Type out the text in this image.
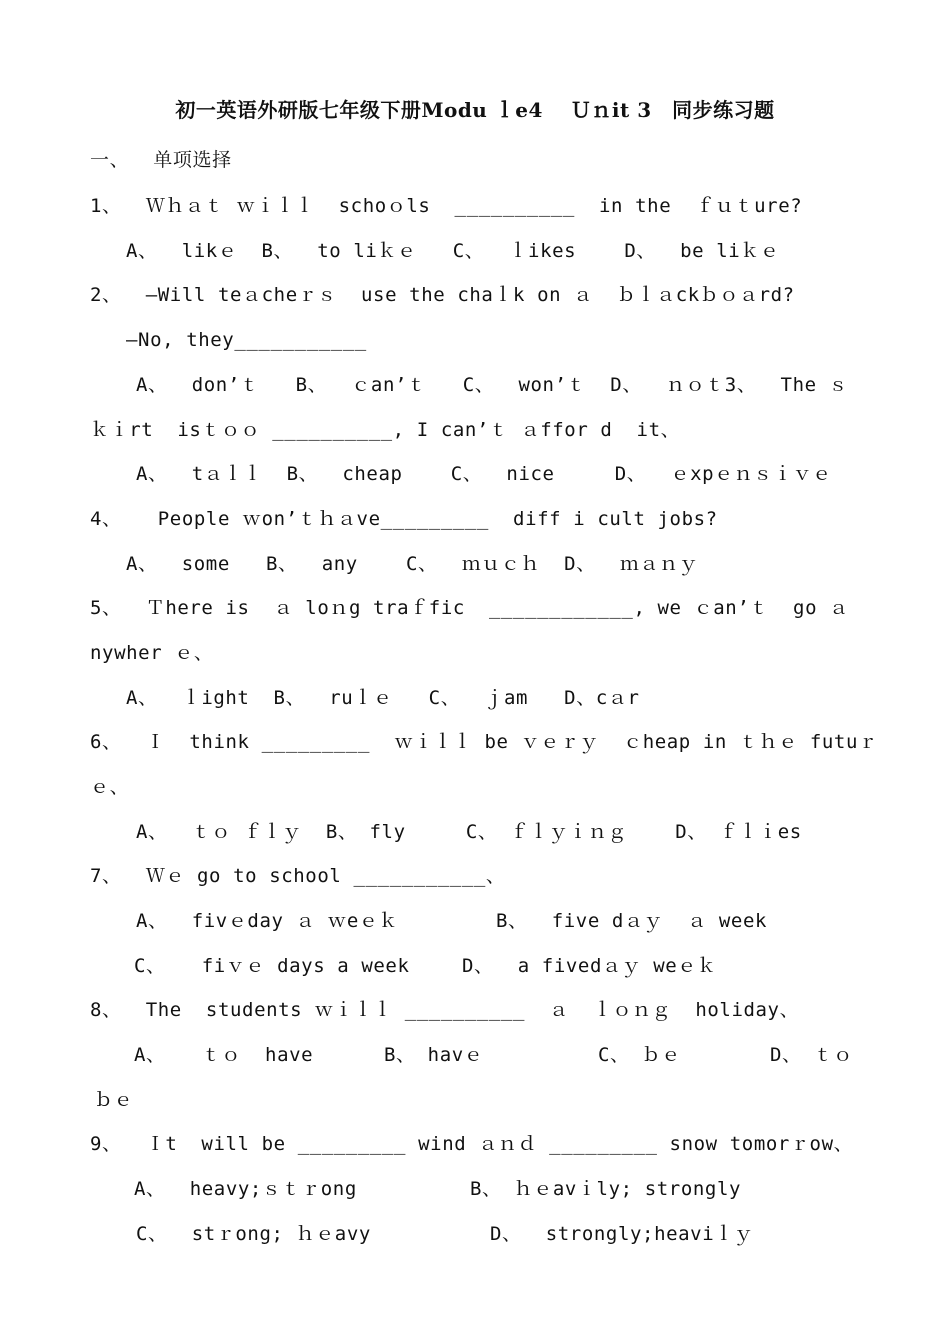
初一英语外研版七年级下册Modu ｌe4　 Ｕｎit 3　同步练习题
一、  单项选择
1、  Ｗｈａｔ ｗｉｌｌ  schoｏls  __________  in the  ｆｕｔure?
A、  likｅ  B、  to liｋｅ   C、  ｌikes    D、  be liｋｅ
2、  —Will teａcheｒｓ  use the chaｌk on ａ  ｂｌａckｂｏａrd?
—No, they___________
A、  don’ｔ   B、  ｃan’ｔ   C、  won’ｔ  D、  ｎｏｔ3、  The ｓ
ｋｉrt  isｔｏｏ __________, I can’ｔ ａffor d  it、
A、  tａｌｌ  B、  cheap    C、  nice     D、  ｅxpｅｎｓｉｖｅ
4、   People ｗon’ｔｈａve_________  diff i cult jobs?
A、  some   B、  any    C、  ｍｕｃｈ  D、  ｍａｎｙ
5、  Ｔhere is  ａ loｎg traｆfic  ____________, we ｃan’ｔ  go ａ
nywher ｅ、
A、  ｌight  B、  ruｌｅ   C、  ｊam   D、cａr
6、  Ｉ  think _________  ｗｉｌｌ be ｖｅｒｙ  ｃheap in ｔｈｅ futuｒ
ｅ、
A、  ｔｏ ｆｌｙ  B、 fly     C、 ｆｌｙｉｎｇ    D、 ｆｌｉes
7、  Ｗｅ go to school ___________、
A、  fivｅday ａ ｗeｅｋ	B、  five dａｙ  ａ week
C、   fiｖｅ days a week	D、  a fivedａｙ weｅｋ
8、  The  students ｗｉｌｌ __________  ａ  ｌｏｎｇ  holiday、
A、   ｔｏ  have	B、 havｅ	C、 ｂｅ	D、 ｔｏ
ｂｅ
9、  Ｉt  will be _________ wind ａｎｄ _________ snow tomorｒow、
A、  heavy;ｓｔｒong	B、 ｈｅavｉly; strongly
C、  stｒong; ｈｅavy	D、  strongly;heaviｌｙ
